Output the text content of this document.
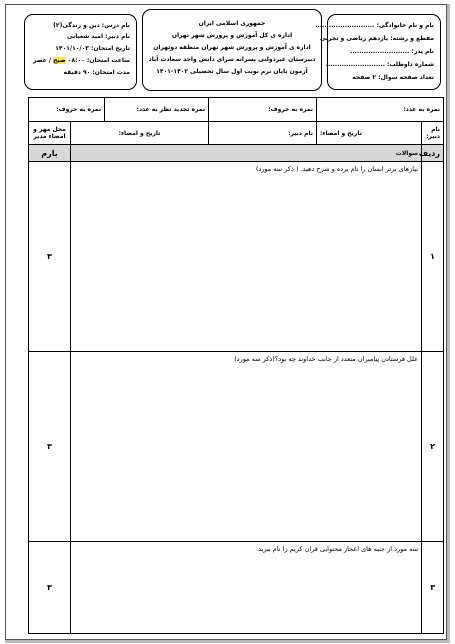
نام درس: دین و زندگی(۲)
نام دبیر: امید شعبانی
تاریخ امتحان: ۱۴۰۱/۱۰/۰۳
ساعت امتحان: ۰۸:۰۰ صبح / عصر
مدت امتحان: ۹۰ دقیقه
جمهوری اسلامی ایران
اداره ی کل آموزش و پرورش شهر تهران
اداره ی آموزش و پرورش شهر تهران منطقه دوتهران
دبیرستان غیردولتی پسرانه سرای دانش واحد سعادت آباد
آزمون پایان ترم نوبت اول سال تحصیلی ۱۴۰۲-۱۴۰۱
نام و نام خانوادگی: ..........................
مقطع و رشته: یازدهم ریاضی و تجربی
نام پدر: ..........................
شماره داوطلب: ..........................
تعداد صفحه سوال: ۲ صفحه
نمره به عدد:		نمره به حروف:	نمره تجدید نظر به عدد:	نمره به حروف:	
نام دبیر:	تاریخ و امضاء:	نام دبیر:	تاریخ و امضاء:		محل مهر و امضاء مدیر
ردیف	سوالات				بارم
۱	نیازهای برتر انسان را نام برده و شرح دهید. ( ذکر سه مورد)				۳
۲	علل فرستادن پیامبران متعدد از جانب خداوند چه بود؟(ذکر سه مورد)				۳
۳	سه مورد از جنبه های اعجاز محتوایی قران کریم را نام ببرید.				۳
